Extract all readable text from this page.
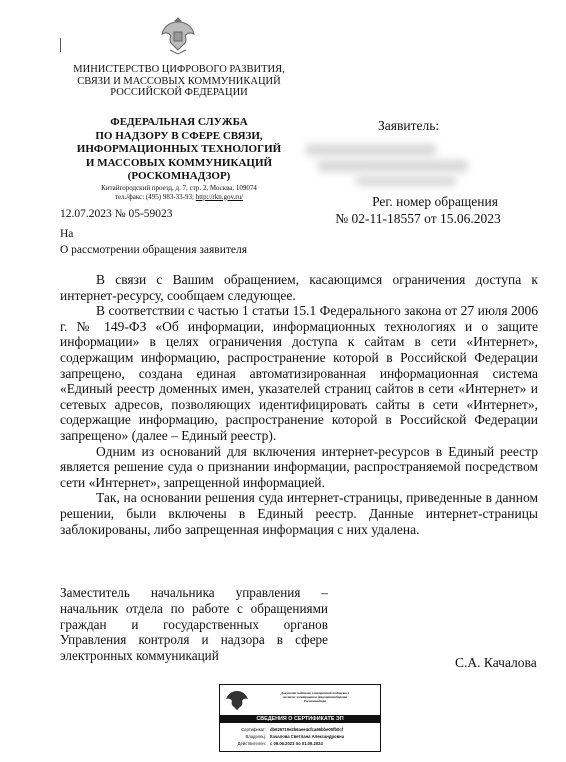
МИНИСТЕРСТВО ЦИФРОВОГО РАЗВИТИЯ,
СВЯЗИ И МАССОВЫХ КОММУНИКАЦИЙ
РОССИЙСКОЙ ФЕДЕРАЦИИ
ФЕДЕРАЛЬНАЯ СЛУЖБА
ПО НАДЗОРУ В СФЕРЕ СВЯЗИ,
ИНФОРМАЦИОННЫХ ТЕХНОЛОГИЙ
И МАССОВЫХ КОММУНИКАЦИЙ
(РОСКОМНАДЗОР)
Китайгородский проезд, д. 7, стр. 2, Москва, 109074
тел./факс: (495) 983-33-93; http://rkn.gov.ru/
12.07.2023 № 05-59023
На
О рассмотрении обращения заявителя
Заявитель:
Рег. номер обращения
№ 02-11-18557 от 15.06.2023

В связи с Вашим обращением, касающимся ограничения доступа к интернет-ресурсу, сообщаем следующее.

В соответствии с частью 1 статьи 15.1 Федерального закона от 27 июля 2006 г. № 149-ФЗ «Об информации, информационных технологиях и о защите информации» в целях ограничения доступа к сайтам в сети «Интернет», содержащим информацию, распространение которой в Российской Федерации запрещено, создана единая автоматизированная информационная система «Единый реестр доменных имен, указателей страниц сайтов в сети «Интернет» и сетевых адресов, позволяющих идентифицировать сайты в сети «Интернет», содержащие информацию, распространение которой в Российской Федерации запрещено» (далее – Единый реестр).

Одним из оснований для включения интернет-ресурсов в Единый реестр является решение суда о признании информации, распространяемой посредством сети «Интернет», запрещенной информацией.

Так, на основании решения суда интернет-страницы, приведенные в данном решении, были включены в Единый реестр. Данные интернет-страницы заблокированы, либо запрещенная информация с них удалена.

Заместитель начальника управления –
начальник отдела по работе с обращениями
граждан и государственных органов
Управления контроля и надзора в сфере
электронных коммуникаций	С.А. Качалова
Документ подписан электронной подписью в
системе электронного документооборота
Роскомнадзора
СВЕДЕНИЯ О СЕРТИФИКАТЕ ЭП
Сертификат: db626719e2b6aee4cfca66bbe00fb0cf
Владелец: Качалова Светлана Александровна
Действителен: с 09.06.2023 по 01.09.2024
